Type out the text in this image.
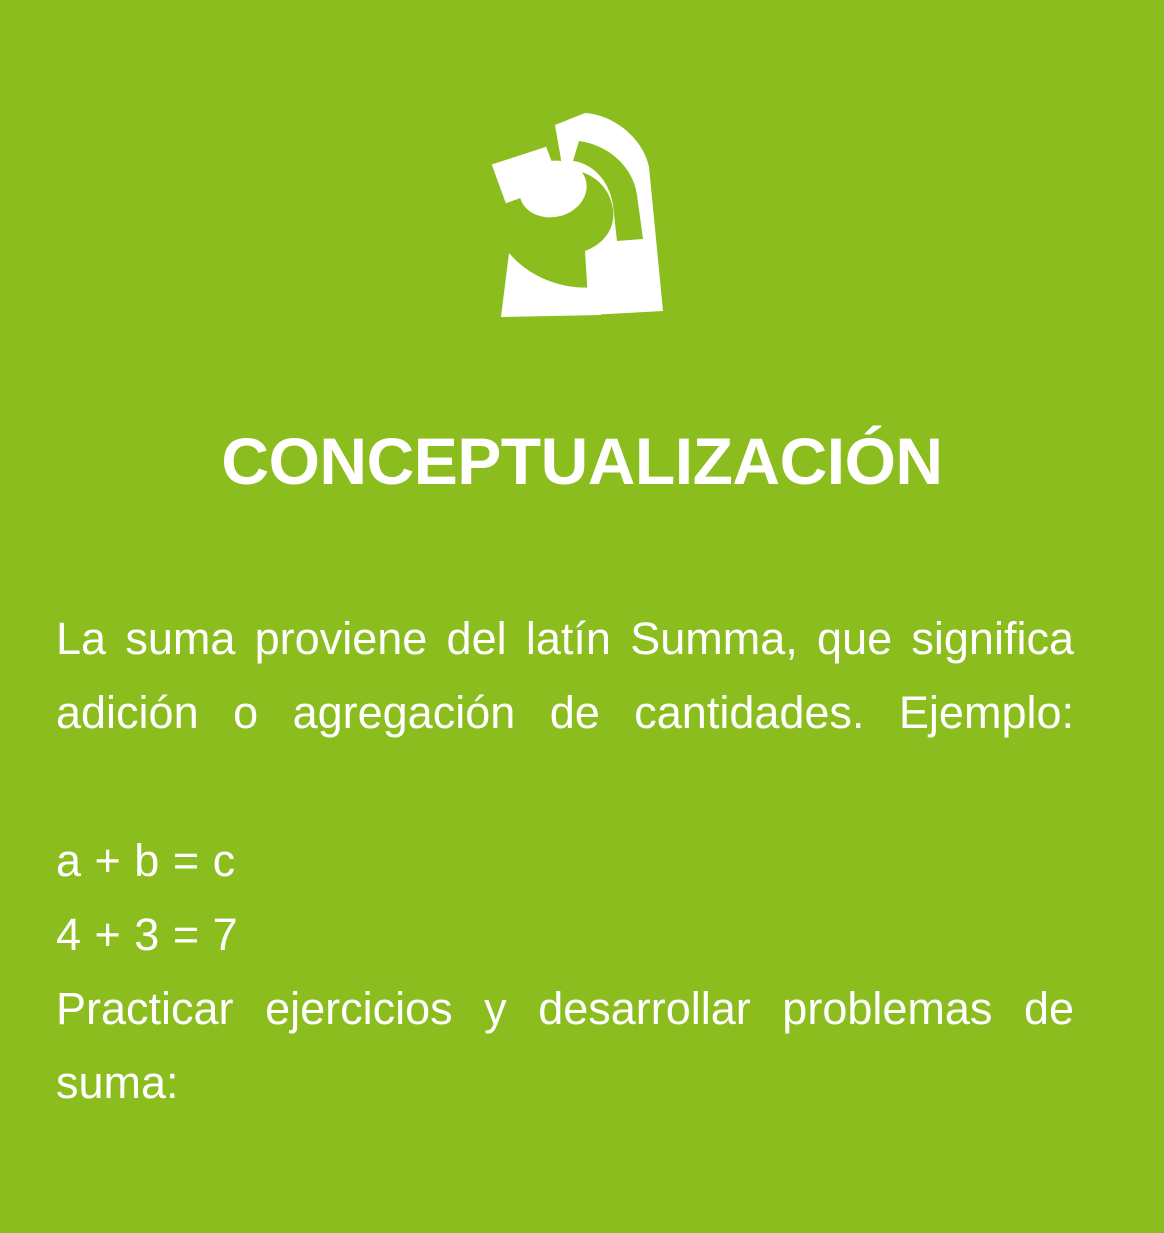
CONCEPTUALIZACIÓN

La suma proviene del latín Summa, que significa adición o agregación de cantidades. Ejemplo:

a + b = c

4 + 3 = 7

Practicar ejercicios y desarrollar problemas de suma:
